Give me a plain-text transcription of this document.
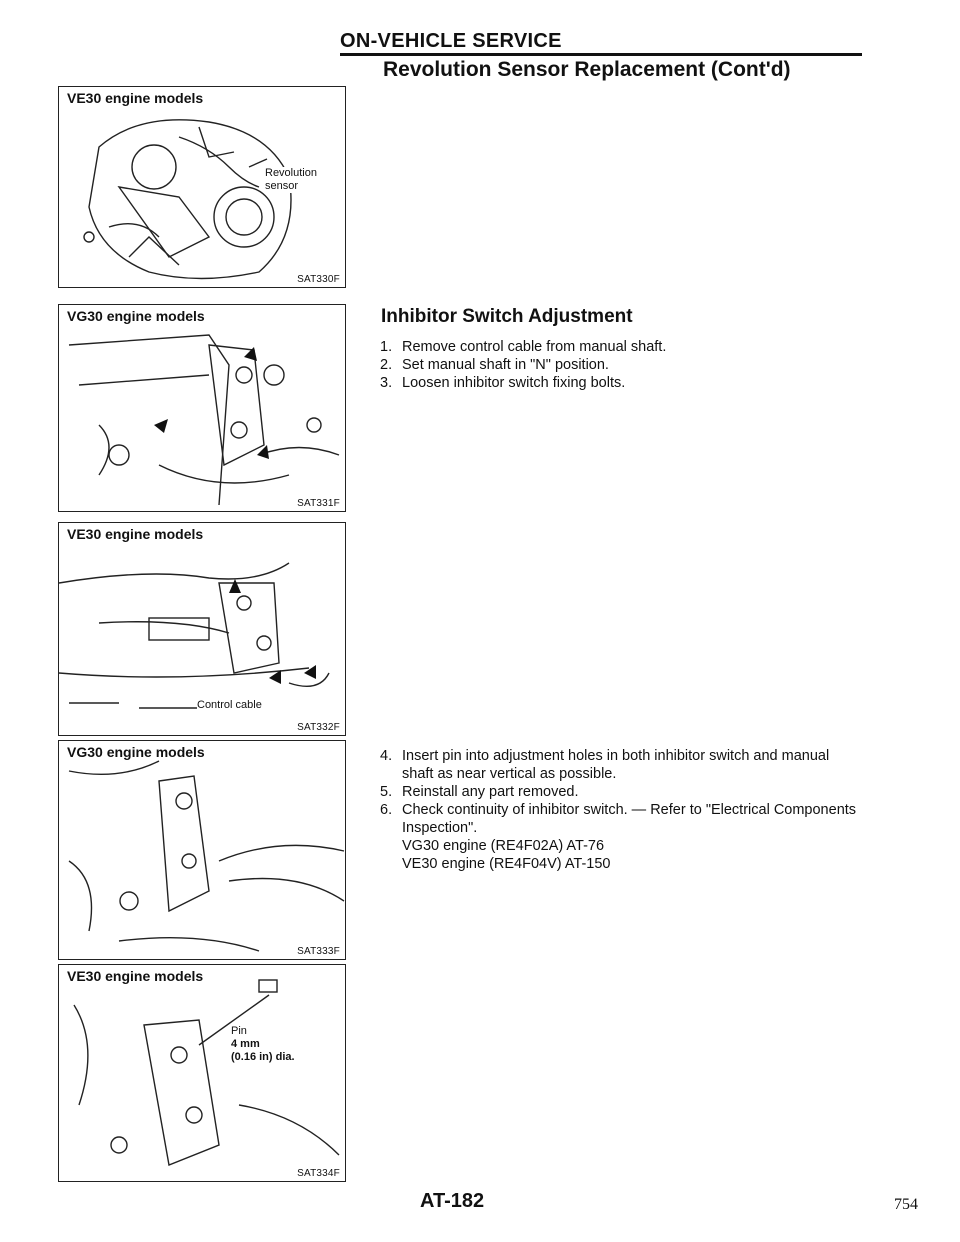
ON-VEHICLE SERVICE
Revolution Sensor Replacement (Cont'd)
VE30 engine models
Revolution
sensor
SAT330F
VG30 engine models
SAT331F
VE30 engine models
Control cable
SAT332F
VG30 engine models
SAT333F
VE30 engine models
Pin
4 mm
(0.16 in) dia.
SAT334F
Inhibitor Switch Adjustment
1. Remove control cable from manual shaft.
2. Set manual shaft in "N" position.
3. Loosen inhibitor switch fixing bolts.
4. Insert pin into adjustment holes in both inhibitor switch and manual shaft as near vertical as possible.
5. Reinstall any part removed.
6. Check continuity of inhibitor switch. — Refer to "Electrical Components Inspection".
VG30 engine (RE4F02A) AT-76
VE30 engine (RE4F04V) AT-150
AT-182	754
